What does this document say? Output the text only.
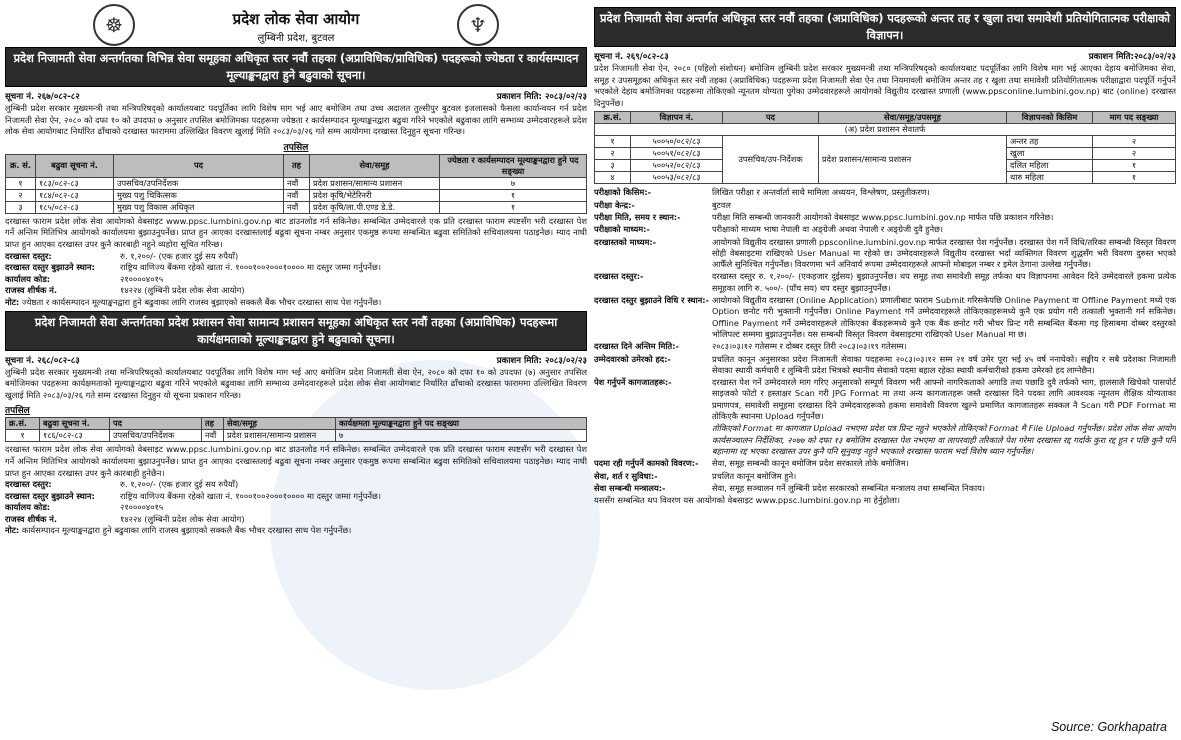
☸	प्रदेश लोक सेवा आयोग
लुम्बिनी प्रदेश, बुटवल
♆
प्रदेश निजामती सेवा अन्तर्गतका विभिन्न सेवा समूहका अधिकृत स्तर नवौं तहका (अप्राविधिक/प्राविधिक) पदहरूको ज्येष्ठता र कार्यसम्पादन मूल्याङ्कनद्वारा हुने बढुवाको सूचना।
सूचना नं. २६७/०८२-८२	प्रकाशन मिति: २०८३/०२/२३

लुम्बिनी प्रदेश सरकार मुख्यमन्त्री तथा मन्त्रिपरिषद्को कार्यालयबाट पदपूर्तिका लागि विशेष माग भई आए बमोजिम तथा उच्च अदालत तुल्सीपुर बुटवल इजलासको फैसला कार्यान्वयन गर्न प्रदेश निजामती सेवा ऐन, २०८० को दफा १० को उपदफा ७ अनुसार तपसिल बमोजिमका पदहरूमा ज्येष्ठता र कार्यसम्पादन मूल्याङ्कनद्वारा बढुवा गरिने भएकोले बढुवाका लागि सम्भाव्य उम्मेदवारहरूले प्रदेश लोक सेवा आयोगबाट निर्धारित ढाँचाको दरखास्त फाराममा उल्लिखित विवरण खुलाई मिति २०८३/०३/२६ गते सम्म आयोगमा दरखास्त दिनुहुन सूचना गरिन्छ।

तपसिल
क्र. सं.	बढुवा सूचना नं.	पद	तह	सेवा/समूह	ज्येष्ठता र कार्यसम्पादन मूल्याङ्कनद्वारा हुने पद सङ्ख्या
१	१८३/०८२-८३	उपसचिव/उपनिर्देशक	नवौं	प्रदेश प्रशासन/सामान्य प्रशासन	७
२	१८४/०८२-८३	मुख्य पशु चिकित्सक	नवौं	प्रदेश कृषि/भेटेरिनरी	१
३	१८५/०८२-८३	मुख्य पशु विकास अधिकृत	नवौं	प्रदेश कृषि/ला.पी.एण्ड डे.डे.	१

दरखास्त फाराम प्रदेश लोक सेवा आयोगको वेबसाइट www.ppsc.lumbini.gov.np बाट डाउनलोड गर्न सकिनेछ। सम्बन्धित उम्मेदवारले एक प्रति दरखास्त फाराम स्पष्टसँग भरी दरखास्त पेश गर्ने अन्तिम मितिभित्र आयोगको कार्यालयमा बुझाउनुपर्नेछ। प्राप्त हुन आएका दरखास्तलाई बढुवा सूचना नम्बर अनुसार एकमुष्ठ रूपमा सम्बन्धित बढुवा समितिको सचिवालयमा पठाइनेछ। म्याद नाघी प्राप्त हुन आएका दरखास्त उपर कुनै कारबाही नहुने व्यहोरा सूचित गरिन्छ।

दरखास्त दस्तुर:	रु. १,२००/- (एक हजार दुई सय रुपैयाँ)
दरखास्त दस्तुर बुझाउने स्थान:	राष्ट्रिय वाणिज्य बैंकमा रहेको खाता नं. १०००१००२०००१०००० मा दस्तुर जम्मा गर्नुपर्नेछ।
कार्यालय कोड:	२१००००४०१५
राजस्व शीर्षक नं.	१४२२४ (लुम्बिनी प्रदेश लोक सेवा आयोग)
नोट: ज्येष्ठता र कार्यसम्पादन मूल्याङ्कनद्वारा हुने बढुवाका लागि राजस्व बुझाएको सक्कलै बैंक भौचर दरखास्त साथ पेश गर्नुपर्नेछ।
प्रदेश निजामती सेवा अन्तर्गतका प्रदेश प्रशासन सेवा सामान्य प्रशासन समूहका अधिकृत स्तर नवौं तहका (अप्राविधिक) पदहरूमा कार्यक्षमताको मूल्याङ्कनद्वारा हुने बढुवाको सूचना।
सूचना नं. २६८/०८२-८३	प्रकाशन मिति: २०८३/०२/२३

लुम्बिनी प्रदेश सरकार मुख्यमन्त्री तथा मन्त्रिपरिषद्को कार्यालयबाट पदपूर्तिका लागि विशेष माग भई आए बमोजिम प्रदेश निजामती सेवा ऐन, २०८० को दफा १० को उपदफा (७) अनुसार तपसिल बमोजिमका पदहरूमा कार्यक्षमताको मूल्याङ्कनद्वारा बढुवा गरिने भएकोले बढुवाका लागि सम्भाव्य उम्मेदवारहरूले प्रदेश लोक सेवा आयोगबाट निर्धारित ढाँचाको दरखास्त फाराममा उल्लिखित विवरण खुलाई मिति २०८३/०३/२६ गते सम्म दरखास्त दिनुहुन यो सूचना प्रकाशन गरिन्छ।

तपसिल
क्र.सं.	बढुवा सूचना नं.	पद	तह	सेवा/समूह	कार्यक्षमता मूल्याङ्कनद्वारा हुने पद सङ्ख्या
१	१८६/०८२-८३	उपसचिव/उपनिर्देशक	नवौं	प्रदेश प्रशासन/सामान्य प्रशासन	७

दरखास्त फाराम प्रदेश लोक सेवा आयोगको वेबसाइट www.ppsc.lumbini.gov.np बाट डाउनलोड गर्न सकिनेछ। सम्बन्धित उम्मेदवारले एक प्रति दरखास्त फाराम स्पष्टसँग भरी दरखास्त पेश गर्ने अन्तिम मितिभित्र आयोगको कार्यालयमा बुझाउनुपर्नेछ। प्राप्त हुन आएका दरखास्तलाई बढुवा सूचना नम्बर अनुसार एकमुष्ठ रूपमा सम्बन्धित बढुवा समितिको सचिवालयमा पठाइनेछ। म्याद नाघी प्राप्त हुन आएका दरखास्त उपर कुनै कारबाही हुनेछैन।

दरखास्त दस्तुर:	रु. १,२००/- (एक हजार दुई सय रुपैयाँ)
दरखास्त दस्तुर बुझाउने स्थान:	राष्ट्रिय वाणिज्य बैंकमा रहेको खाता नं. १०००१००२०००१०००० मा दस्तुर जम्मा गर्नुपर्नेछ।
कार्यालय कोड:	२१००००४०१५
राजस्व शीर्षक नं.	१४२२४ (लुम्बिनी प्रदेश लोक सेवा आयोग)
नोट: कार्यसम्पादन मूल्याङ्कनद्वारा हुने बढुवाका लागि राजस्व बुझाएको सक्कलै बैंक भौचर दरखास्त साथ पेश गर्नुपर्नेछ।
प्रदेश निजामती सेवा अन्तर्गत अधिकृत स्तर नवौं तहका (अप्राविधिक) पदहरूको अन्तर तह र खुला तथा समावेशी प्रतियोगितात्मक परीक्षाको विज्ञापन।
सूचना नं. २६९/०८२-८३	प्रकाशन मिति:२०८३/०२/२३

प्रदेश निजामती सेवा ऐन, २०८० (पहिलो संशोधन) बमोजिम लुम्बिनी प्रदेश सरकार मुख्यमन्त्री तथा मन्त्रिपरिषद्को कार्यालयबाट पदपूर्तिका लागि विशेष माग भई आएका देहाय बमोजिमका सेवा, समूह र उपसमूहका अधिकृत स्तर नवौं तहका (अप्राविधिक) पदहरूमा प्रदेश निजामती सेवा ऐन तथा नियमावली बमोजिम अन्तर तह र खुला तथा समावेशी प्रतियोगितात्मक परीक्षाद्वारा पदपूर्ति गर्नुपर्ने भएकोले देहाय बमोजिमका पदहरूमा तोकिएको न्यूनतम योग्यता पुगेका उम्मेदवारहरूले आयोगको विद्युतीय दरखास्त प्रणाली (www.ppsconline.lumbini.gov.np) बाट (online) दरखास्त दिनुपर्नेछ।

क्र.सं.	विज्ञापन नं.	पद	सेवा/समूह/उपसमूह	विज्ञापनको किसिम	माग पद सङ्ख्या
(अ) प्रदेश प्रशासन सेवातर्फ					
१	५००५०/०८२/८३	उपसचिव/उप-निर्देशक	प्रदेश प्रशासन/सामान्य प्रशासन	अन्तर तह	२
२	५००५१/०८२/८३			खुला	२
३	५००५२/०८२/८३			दलित महिला	१
४	५००५३/०८२/८३			थारु महिला	१
परीक्षाको किसिम:-	लिखित परीक्षा र अन्तर्वार्ता साथै मामिला अध्ययन, विश्लेषण, प्रस्तुतीकरण।
परीक्षा केन्द्र:-	बुटवल
परीक्षा मिति, समय र स्थान:-	परीक्षा मिति सम्बन्धी जानकारी आयोगको वेबसाइट www.ppsc.lumbini.gov.np मार्फत पछि प्रकाशन गरिनेछ।
परीक्षाको माध्यम:-	परीक्षाको माध्यम भाषा नेपाली वा अङ्ग्रेजी अथवा नेपाली र अङ्ग्रेजी दुवै हुनेछ।
दरखास्तको माध्यम:-	आयोगको विद्युतीय दरखास्त प्रणाली ppsconline.lumbini.gov.np मार्फत दरखास्त पेश गर्नुपर्नेछ। दरखास्त पेश गर्ने विधि/तरिका सम्बन्धी विस्तृत विवरण सोही वेबसाइटमा राखिएको User Manual मा रहेको छ। उम्मेदवारहरूले विद्युतीय दरखास्त भर्दा व्यक्तिगत विवरण शुद्धसँग भरी विवरण दुरुस्त भएको आफैँले सुनिश्चित गर्नुपर्नेछ। विवरणमा भर्न अनिवार्य रूपमा उम्मेदवारहरूले आफ्नो मोबाइल नम्बर र इमेल ठेगाना उल्लेख गर्नुपर्नेछ।
दरखास्त दस्तुर:-	दरखास्त दस्तुर रु. १,२००/- (एकहजार दुईसय) बुझाउनुपर्नेछ। थप समूह तथा समावेशी समूह तर्फका थप विज्ञापनमा आवेदन दिने उम्मेदवारले हकमा प्रत्येक समूहका लागि रु. ५००/- (पाँच सय) थप दस्तुर बुझाउनुपर्नेछ।
दरखास्त दस्तुर बुझाउने विधि र स्थान:- आयोगको विद्युतीय दरखास्त (Online Application) प्रणालीबाट फाराम Submit गरिसकेपछि Online Payment वा Offline Payment मध्ये एक Option छनोट गरी भुक्तानी गर्नुपर्नेछ। Online Payment गर्ने उम्मेदवारहरूले तोकिएकाहरूमध्ये कुनै एक प्रयोग गरी तत्काली भुक्तानी गर्न सकिनेछ। Offline Payment गर्ने उम्मेदवारहरूले तोकिएका बैंकहरूमध्ये कुनै एक बैंक छनोट गरी भौचर प्रिन्ट गरी सम्बन्धित बैंकमा गइ हिसाबमा दोब्बर दस्तुरको भोलिपल्ट सम्ममा बुझाउनुपर्नेछ। यस सम्बन्धी विस्तृत विवरण वेबसाइटमा राखिएको User Manual मा छ।
दरखास्त दिने अन्तिम मिति:-	२०८३।०३।१२ गतेसम्म र दोब्बर दस्तुर तिरी २०८३।०३।१९ गतेसम्म।
उम्मेदवारको उमेरको हद:-	प्रचलित कानून अनुसारका प्रदेश निजामती सेवाका पदहरूमा २०८३।०३।१२ सम्म २१ वर्ष उमेर पूरा भई ४५ वर्ष ननाघेको। सङ्घीय र सबै प्रदेशका निजामती सेवाका स्थायी कर्मचारी र लुम्बिनी प्रदेश भित्रको स्थानीय सेवाको पदमा बहाल रहेका स्थायी कर्मचारीको हकमा उमेरको हद लाग्नेछैन।
पेश गर्नुपर्ने कागजातहरू:-	दरखास्त पेश गर्ने उम्मेदवारले माग गरिए अनुसारको सम्पूर्ण विवरण भरी आफ्नो नागरिकताको अगाडि तथा पछाडि दुवै तर्फको भाग, हालसालै खिचेको पासपोर्ट साइजको फोटो र हस्ताक्षर Scan गरी JPG Format मा तथा अन्य कागजातहरू जस्तै दरखास्त दिने पदका लागि आवश्यक न्यूनतम शैक्षिक योग्यताका प्रमाणपत्र, समावेशी समूहमा दरखास्त दिने उम्मेदवारहरूको हकमा समावेशी विवरण खुल्ने प्रमाणित कागजातहरू सक्कल नै Scan गरी PDF Format मा तोकिएकै स्थानमा Upload गर्नुपर्नेछ।
तोकिएको Format मा कागजात Upload नभएमा प्रदेश पत्र प्रिन्ट नहुने भएकोले तोकिएको Format मै File Upload गर्नुपर्नेछ। प्रदेश लोक सेवा आयोग कार्यसञ्चालन निर्देशिका, २०७७ को दफा १३ बमोजिम दरखास्त पेश नभएमा वा लापरवाही तरिकाले पेश गरेमा दरखास्त रद्द गर्दाके कुरा रद्द हुन र पछि कुनै पनि बहानामा रद्द भएका दरखास्त उपर कुनै पनि सुनुवाइ नहुने भएकाले दरखास्त फाराम भर्दा विशेष ध्यान गर्नुपर्नेछ।
पदमा रही गर्नुपर्ने कामको विवरण:-	सेवा, समूह सम्बन्धी कानून बमोजिम प्रदेश सरकारले तोके बमोजिम।
सेवा, शर्त र सुविधा:-	प्रचलित कानून बमोजिम हुने।
सेवा सम्बन्धी मन्त्रालय:-	सेवा, समूह सञ्चालन गर्ने लुम्बिनी प्रदेश सरकारको सम्बन्धित मन्त्रालय तथा सम्बन्धित निकाय।
यससँग सम्बन्धित थप विवरण यस आयोगको वेबसाइट www.ppsc.lumbini.gov.np मा हेर्नुहोला।
Source: Gorkhapatra
